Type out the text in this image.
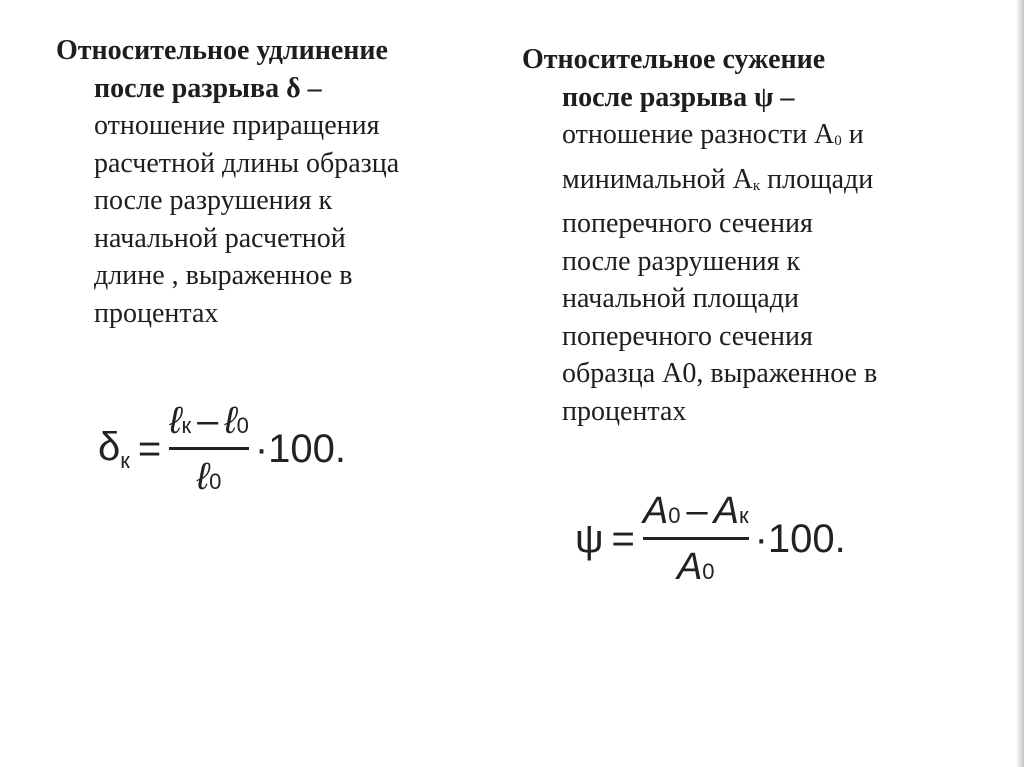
Относительное удлинение
после разрыва δ –
отношение приращения
расчетной длины образца
после разрушения к
начальной расчетной
длине , выраженное в
процентах
Относительное сужение
после разрыва ψ –
отношение разности А0 и
минимальной Ак площади
поперечного сечения
после разрушения к
начальной площади
поперечного сечения
образца А0, выраженное в
процентах
$\delta_к = \frac{\text{ℓ к – ℓ 0}}{\text{ℓ 0}} \cdot 100$.
$\psi = \frac{\text{A 0 – A к}}{A 0} \cdot 100$.
